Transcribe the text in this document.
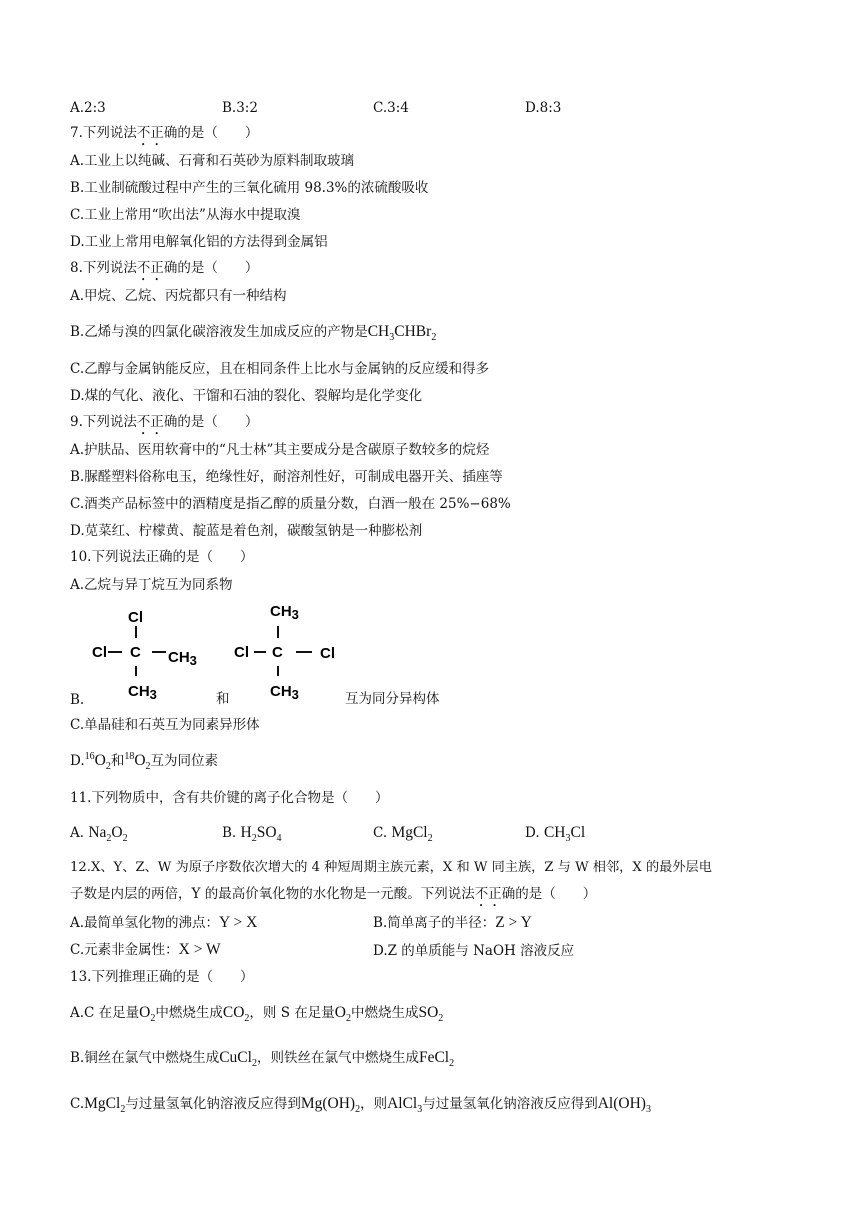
A.2:3	B.3:2	C.3:4	D.8:3
7.下列说法不正确的是（　　）
A.工业上以纯碱、石膏和石英砂为原料制取玻璃
B.工业制硫酸过程中产生的三氧化硫用 98.3%的浓硫酸吸收
C.工业上常用“吹出法”从海水中提取溴
D.工业上常用电解氧化铝的方法得到金属铝
8.下列说法不正确的是（　　）
A.甲烷、乙烷、丙烷都只有一种结构
B.乙烯与溴的四氯化碳溶液发生加成反应的产物是$CH_3CHBr_2$
C.乙醇与金属钠能反应，且在相同条件上比水与金属钠的反应缓和得多
D.煤的气化、液化、干馏和石油的裂化、裂解均是化学变化
9.下列说法不正确的是（　　）
A.护肤品、医用软膏中的“凡士林”其主要成分是含碳原子数较多的烷烃
B.脲醛塑料俗称电玉，绝缘性好，耐溶剂性好，可制成电器开关、插座等
C.酒类产品标签中的酒精度是指乙醇的质量分数，白酒一般在 25%−68%
D.苋菜红、柠檬黄、靛蓝是着色剂，碳酸氢钠是一种膨松剂
10.下列说法正确的是（　　）
A.乙烷与异丁烷互为同系物
Cl
Cl C CH3
CH3
CH3
Cl C Cl
CH3
B.	和	互为同分异构体
C.单晶硅和石英互为同素异形体
$D.^{16}O_2$和$^{18}O_2$互为同位素
11.下列物质中，含有共价键的离子化合物是（　　）
A. $Na_2O_2$	B. $H_2SO_4$	C. MgCl$_2$	D. $CH_3Cl$
12.X、Y、Z、W 为原子序数依次增大的 4 种短周期主族元素，X 和 W 同主族，Z 与 W 相邻，X 的最外层电
子数是内层的两倍，Y 的最高价氧化物的水化物是一元酸。下列说法不正确的是（　　）
A.最简单氢化物的沸点：Y > X	B.简单离子的半径：Z > Y
C.元素非金属性：X > W	D.Z 的单质能与 NaOH 溶液反应
13.下列推理正确的是（　　）
A.C 在足量$O_2$中燃烧生成$CO_2$，则 S 在足量$O_2$中燃烧生成$SO_2$
B.铜丝在氯气中燃烧生成CuCl$_2$，则铁丝在氯气中燃烧生成FeCl$_2$
C.MgCl$_2$与过量氢氧化钠溶液反应得到$Mg(OH)_2$，则AlCl$_3$与过量氢氧化钠溶液反应得到$Al(OH)_3$
